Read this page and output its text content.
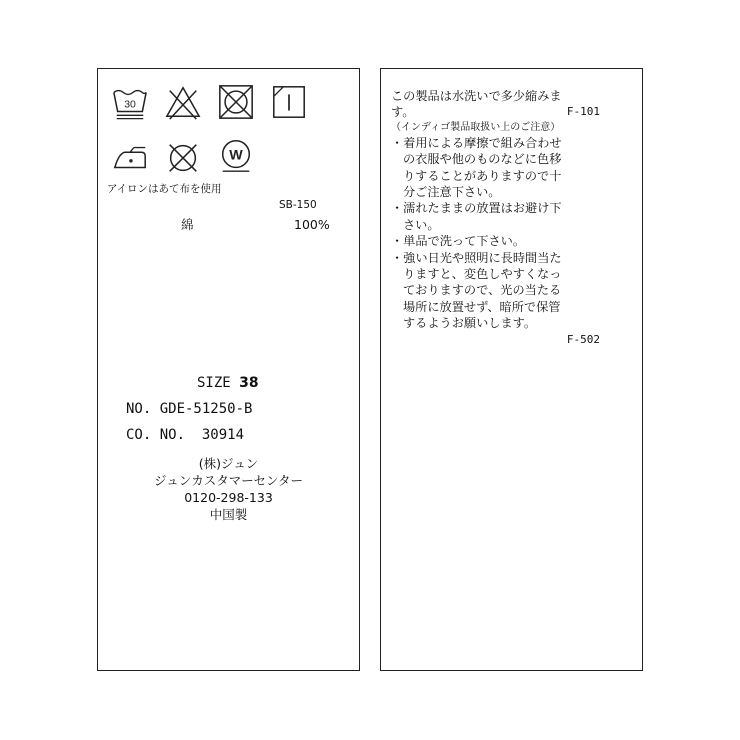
30
W
アイロンはあて布を使用
SB-150
綿	100%
SIZE 38
NO. GDE-51250-B
CO. NO.  30914
(株)ジュン
ジュンカスタマーセンター
0120-298-133
中国製
この製品は水洗いで多少縮みま
す。	F-101
（インディゴ製品取扱い上のご注意）
・着用による摩擦で組み合わせ
の衣服や他のものなどに色移
りすることがありますので十
分ご注意下さい。
・濡れたままの放置はお避け下
さい。
・単品で洗って下さい。
・強い日光や照明に長時間当た
りますと、変色しやすくなっ
ておりますので、光の当たる
場所に放置せず、暗所で保管
するようお願いします。
F-502
